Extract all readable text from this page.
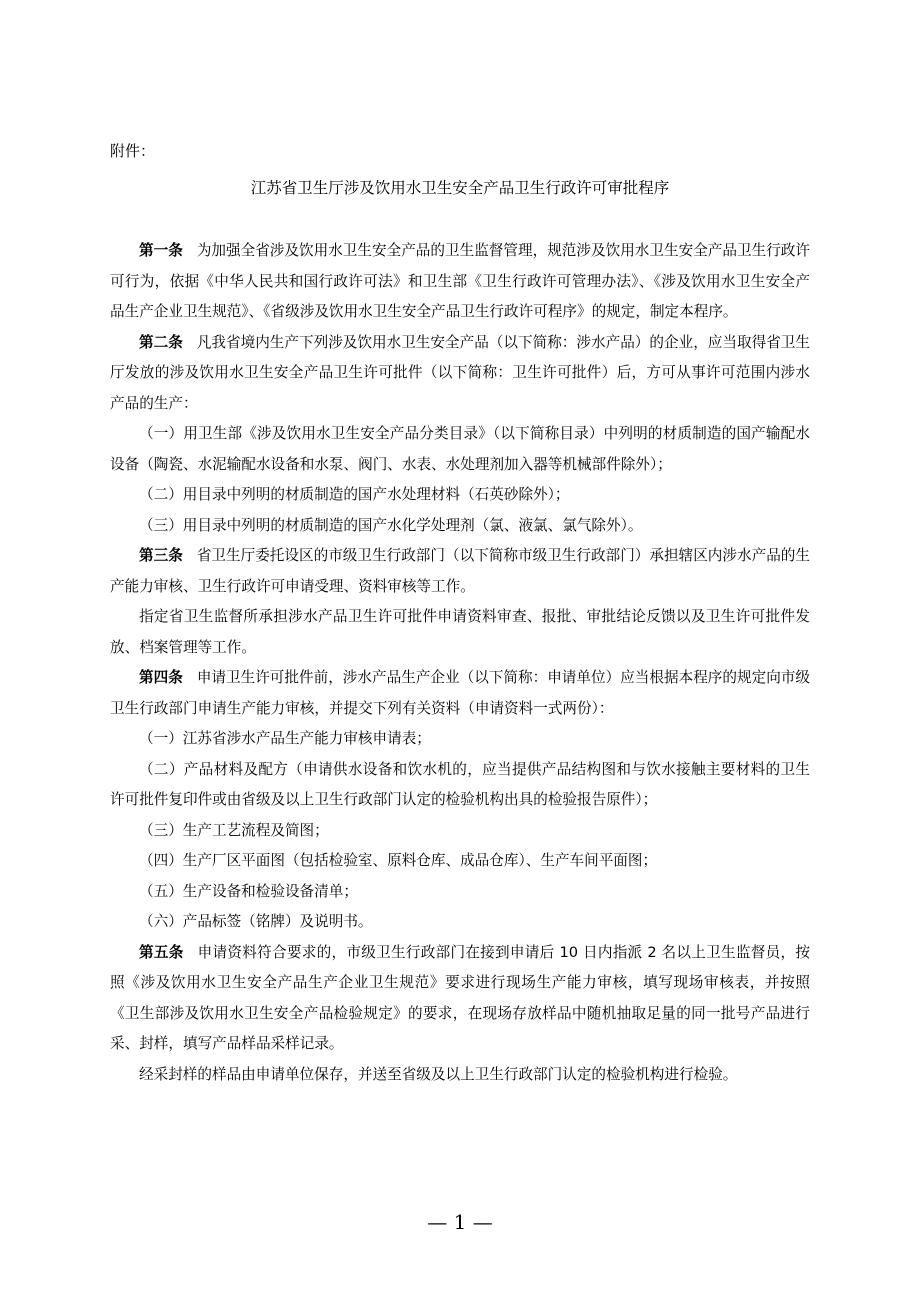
附件：
江苏省卫生厅涉及饮用水卫生安全产品卫生行政许可审批程序

第一条 为加强全省涉及饮用水卫生安全产品的卫生监督管理，规范涉及饮用水卫生安全产品卫生行政许可行为，依据《中华人民共和国行政许可法》和卫生部《卫生行政许可管理办法》、《涉及饮用水卫生安全产品生产企业卫生规范》、《省级涉及饮用水卫生安全产品卫生行政许可程序》的规定，制定本程序。

第二条 凡我省境内生产下列涉及饮用水卫生安全产品（以下简称：涉水产品）的企业，应当取得省卫生厅发放的涉及饮用水卫生安全产品卫生许可批件（以下简称：卫生许可批件）后，方可从事许可范围内涉水产品的生产：

（一）用卫生部《涉及饮用水卫生安全产品分类目录》（以下简称目录）中列明的材质制造的国产输配水设备（陶瓷、水泥输配水设备和水泵、阀门、水表、水处理剂加入器等机械部件除外）；

（二）用目录中列明的材质制造的国产水处理材料（石英砂除外）；

（三）用目录中列明的材质制造的国产水化学处理剂（氯、液氯、氯气除外）。

第三条 省卫生厅委托设区的市级卫生行政部门（以下简称市级卫生行政部门）承担辖区内涉水产品的生产能力审核、卫生行政许可申请受理、资料审核等工作。

指定省卫生监督所承担涉水产品卫生许可批件申请资料审查、报批、审批结论反馈以及卫生许可批件发放、档案管理等工作。

第四条 申请卫生许可批件前，涉水产品生产企业（以下简称：申请单位）应当根据本程序的规定向市级卫生行政部门申请生产能力审核，并提交下列有关资料（申请资料一式两份）：

（一）江苏省涉水产品生产能力审核申请表；

（二）产品材料及配方（申请供水设备和饮水机的，应当提供产品结构图和与饮水接触主要材料的卫生许可批件复印件或由省级及以上卫生行政部门认定的检验机构出具的检验报告原件）；

（三）生产工艺流程及简图；

（四）生产厂区平面图（包括检验室、原料仓库、成品仓库）、生产车间平面图；

（五）生产设备和检验设备清单；

（六）产品标签（铭牌）及说明书。

第五条 申请资料符合要求的，市级卫生行政部门在接到申请后 10 日内指派 2 名以上卫生监督员，按照《涉及饮用水卫生安全产品生产企业卫生规范》要求进行现场生产能力审核，填写现场审核表，并按照《卫生部涉及饮用水卫生安全产品检验规定》的要求，在现场存放样品中随机抽取足量的同一批号产品进行采、封样，填写产品样品采样记录。

经采封样的样品由申请单位保存，并送至省级及以上卫生行政部门认定的检验机构进行检验。

— 1 —
